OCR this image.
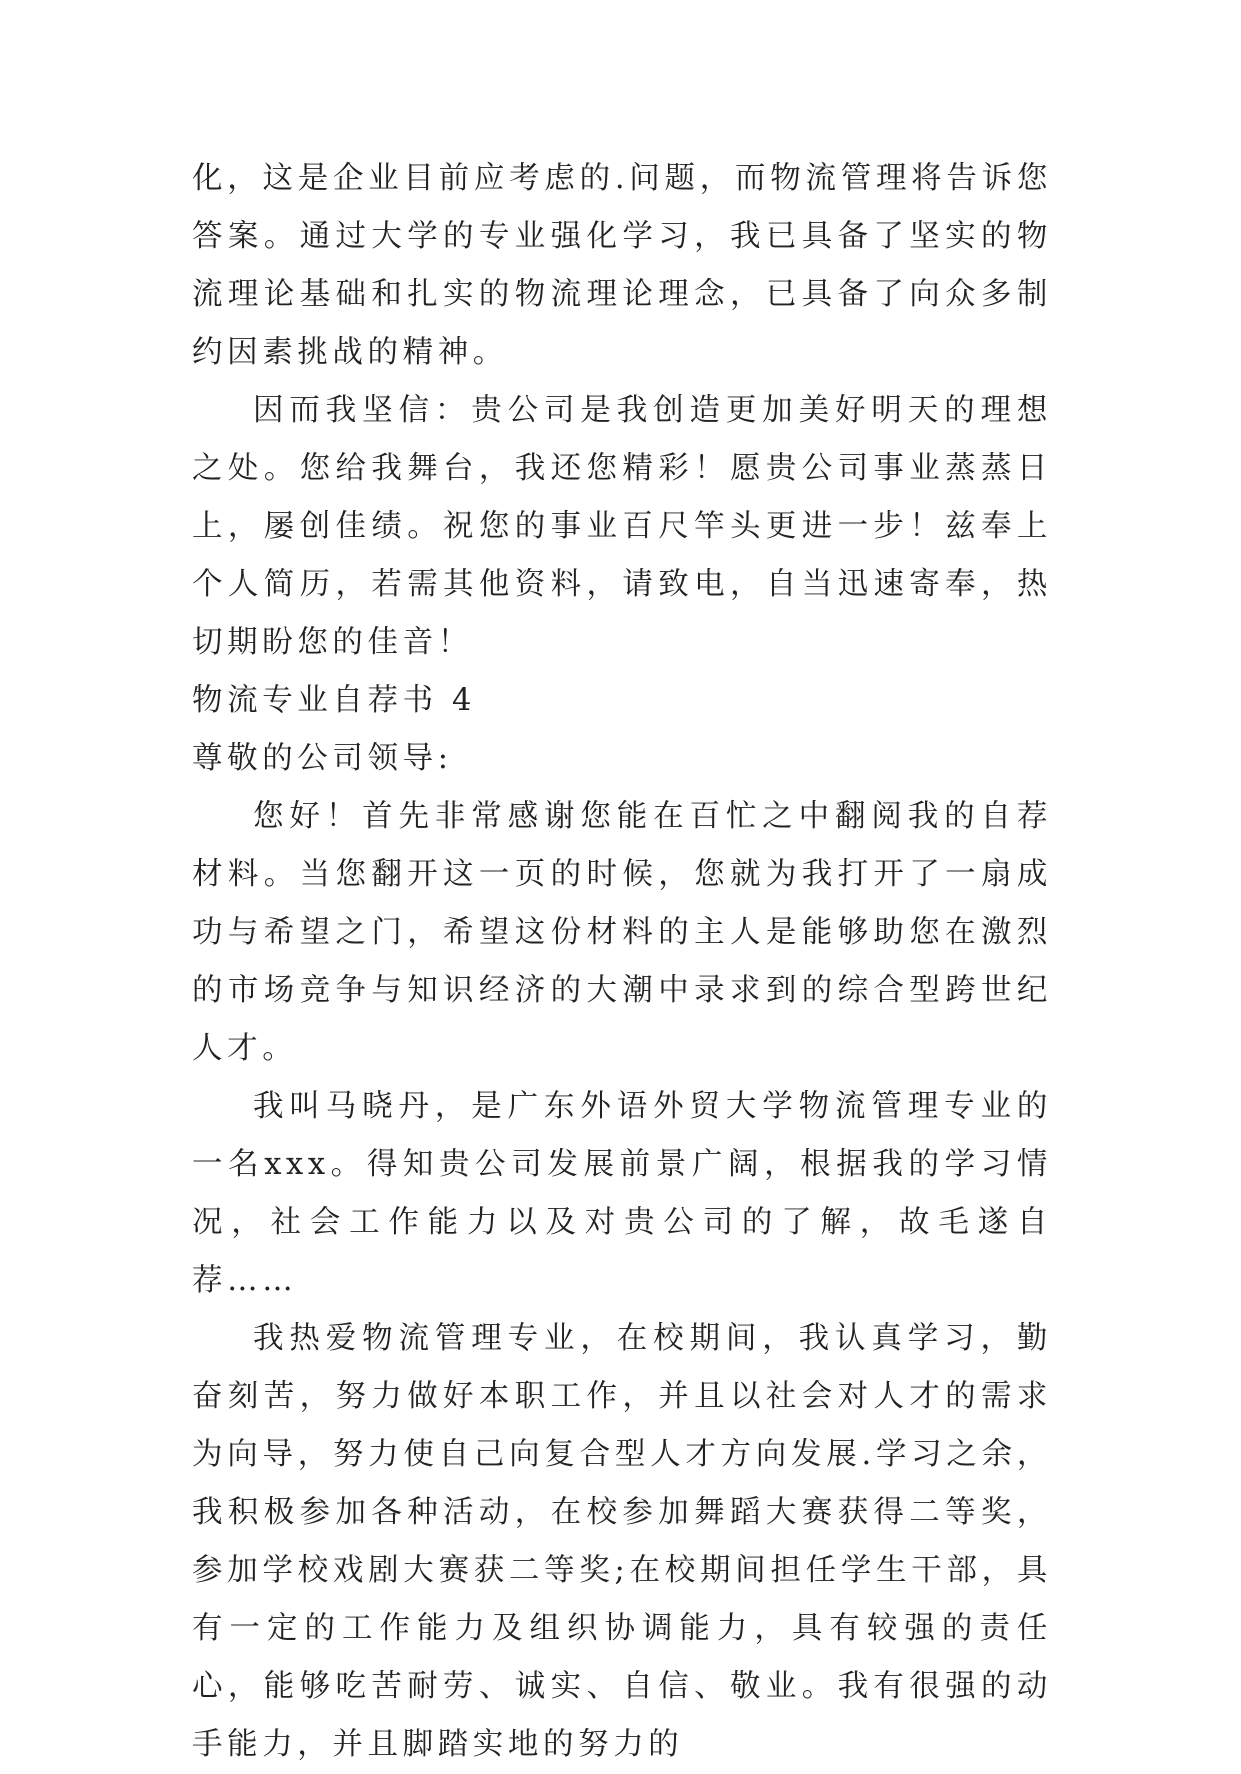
化，这是企业目前应考虑的.问题，而物流管理将告诉您答案。通过大学的专业强化学习，我已具备了坚实的物流理论基础和扎实的物流理论理念，已具备了向众多制约因素挑战的精神。

因而我坚信：贵公司是我创造更加美好明天的理想之处。您给我舞台，我还您精彩！愿贵公司事业蒸蒸日上，屡创佳绩。祝您的事业百尺竿头更进一步！兹奉上个人简历，若需其他资料，请致电，自当迅速寄奉，热切期盼您的佳音！

物流专业自荐书 4

尊敬的公司领导:

您好！首先非常感谢您能在百忙之中翻阅我的自荐材料。当您翻开这一页的时候，您就为我打开了一扇成功与希望之门，希望这份材料的主人是能够助您在激烈的市场竞争与知识经济的大潮中录求到的综合型跨世纪人才。

我叫马晓丹，是广东外语外贸大学物流管理专业的一名xxx。得知贵公司发展前景广阔，根据我的学习情况，社会工作能力以及对贵公司的了解，故毛遂自荐……

我热爱物流管理专业，在校期间，我认真学习，勤奋刻苦，努力做好本职工作，并且以社会对人才的需求为向导，努力使自己向复合型人才方向发展.学习之余，我积极参加各种活动，在校参加舞蹈大赛获得二等奖，参加学校戏剧大赛获二等奖;在校期间担任学生干部，具有一定的工作能力及组织协调能力，具有较强的责任心，能够吃苦耐劳、诚实、自信、敬业。我有很强的动手能力，并且脚踏实地的努力的
